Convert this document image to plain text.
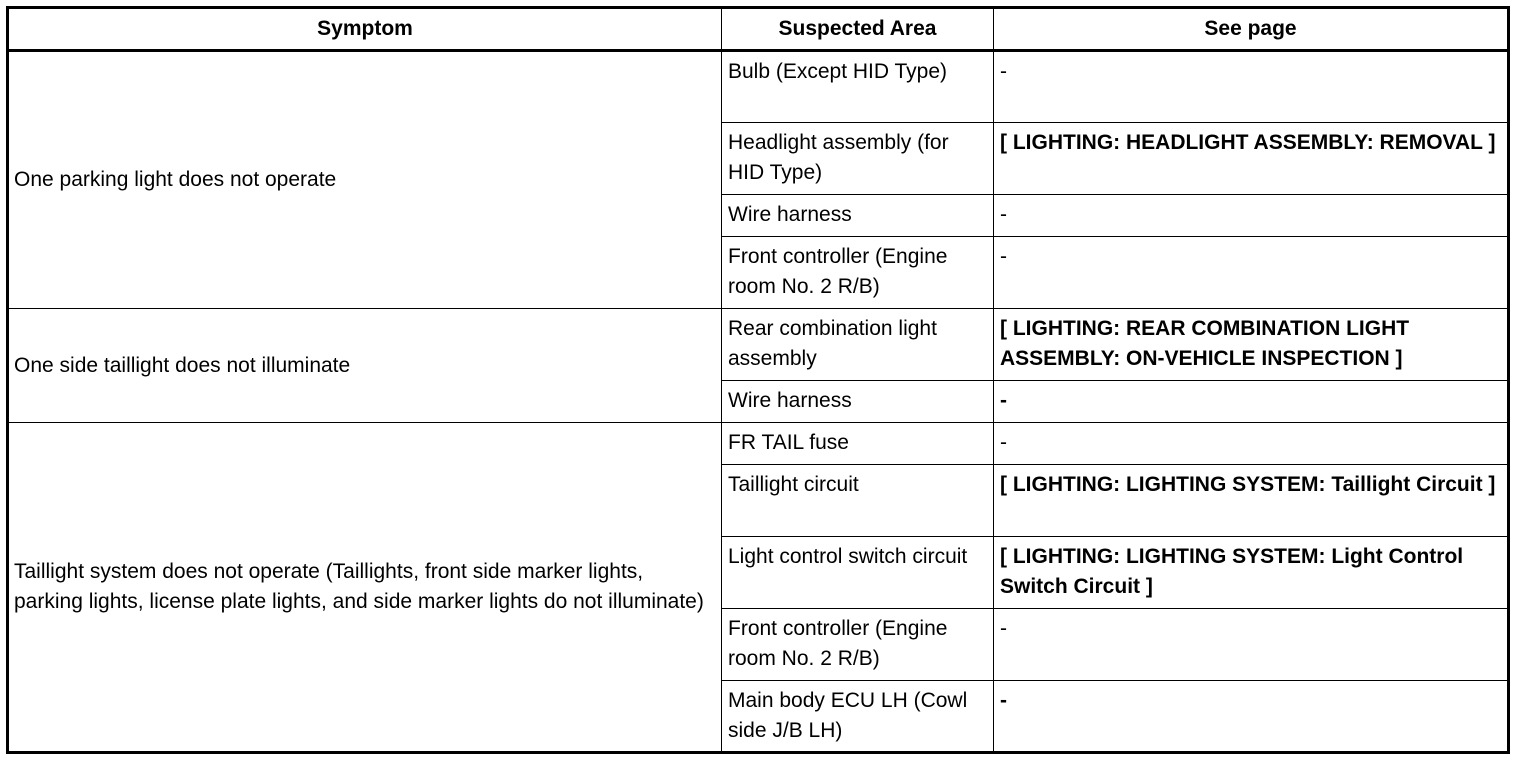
Symptom	Suspected Area	See page
One parking light does not operate	Bulb (Except HID Type)	-
	Headlight assembly (for HID Type)	[ LIGHTING: HEADLIGHT ASSEMBLY: REMOVAL ]
	Wire harness	-
	Front controller (Engine room No. 2 R/B)	-
One side taillight does not illuminate	Rear combination light assembly	[ LIGHTING: REAR COMBINATION LIGHT ASSEMBLY: ON-VEHICLE INSPECTION ]
	Wire harness	-
Taillight system does not operate (Taillights, front side marker lights, parking lights, license plate lights, and side marker lights do not illuminate)	FR TAIL fuse	-
	Taillight circuit	[ LIGHTING: LIGHTING SYSTEM: Taillight Circuit ]
	Light control switch circuit	[ LIGHTING: LIGHTING SYSTEM: Light Control Switch Circuit ]
	Front controller (Engine room No. 2 R/B)	-
	Main body ECU LH (Cowl side J/B LH)	-
